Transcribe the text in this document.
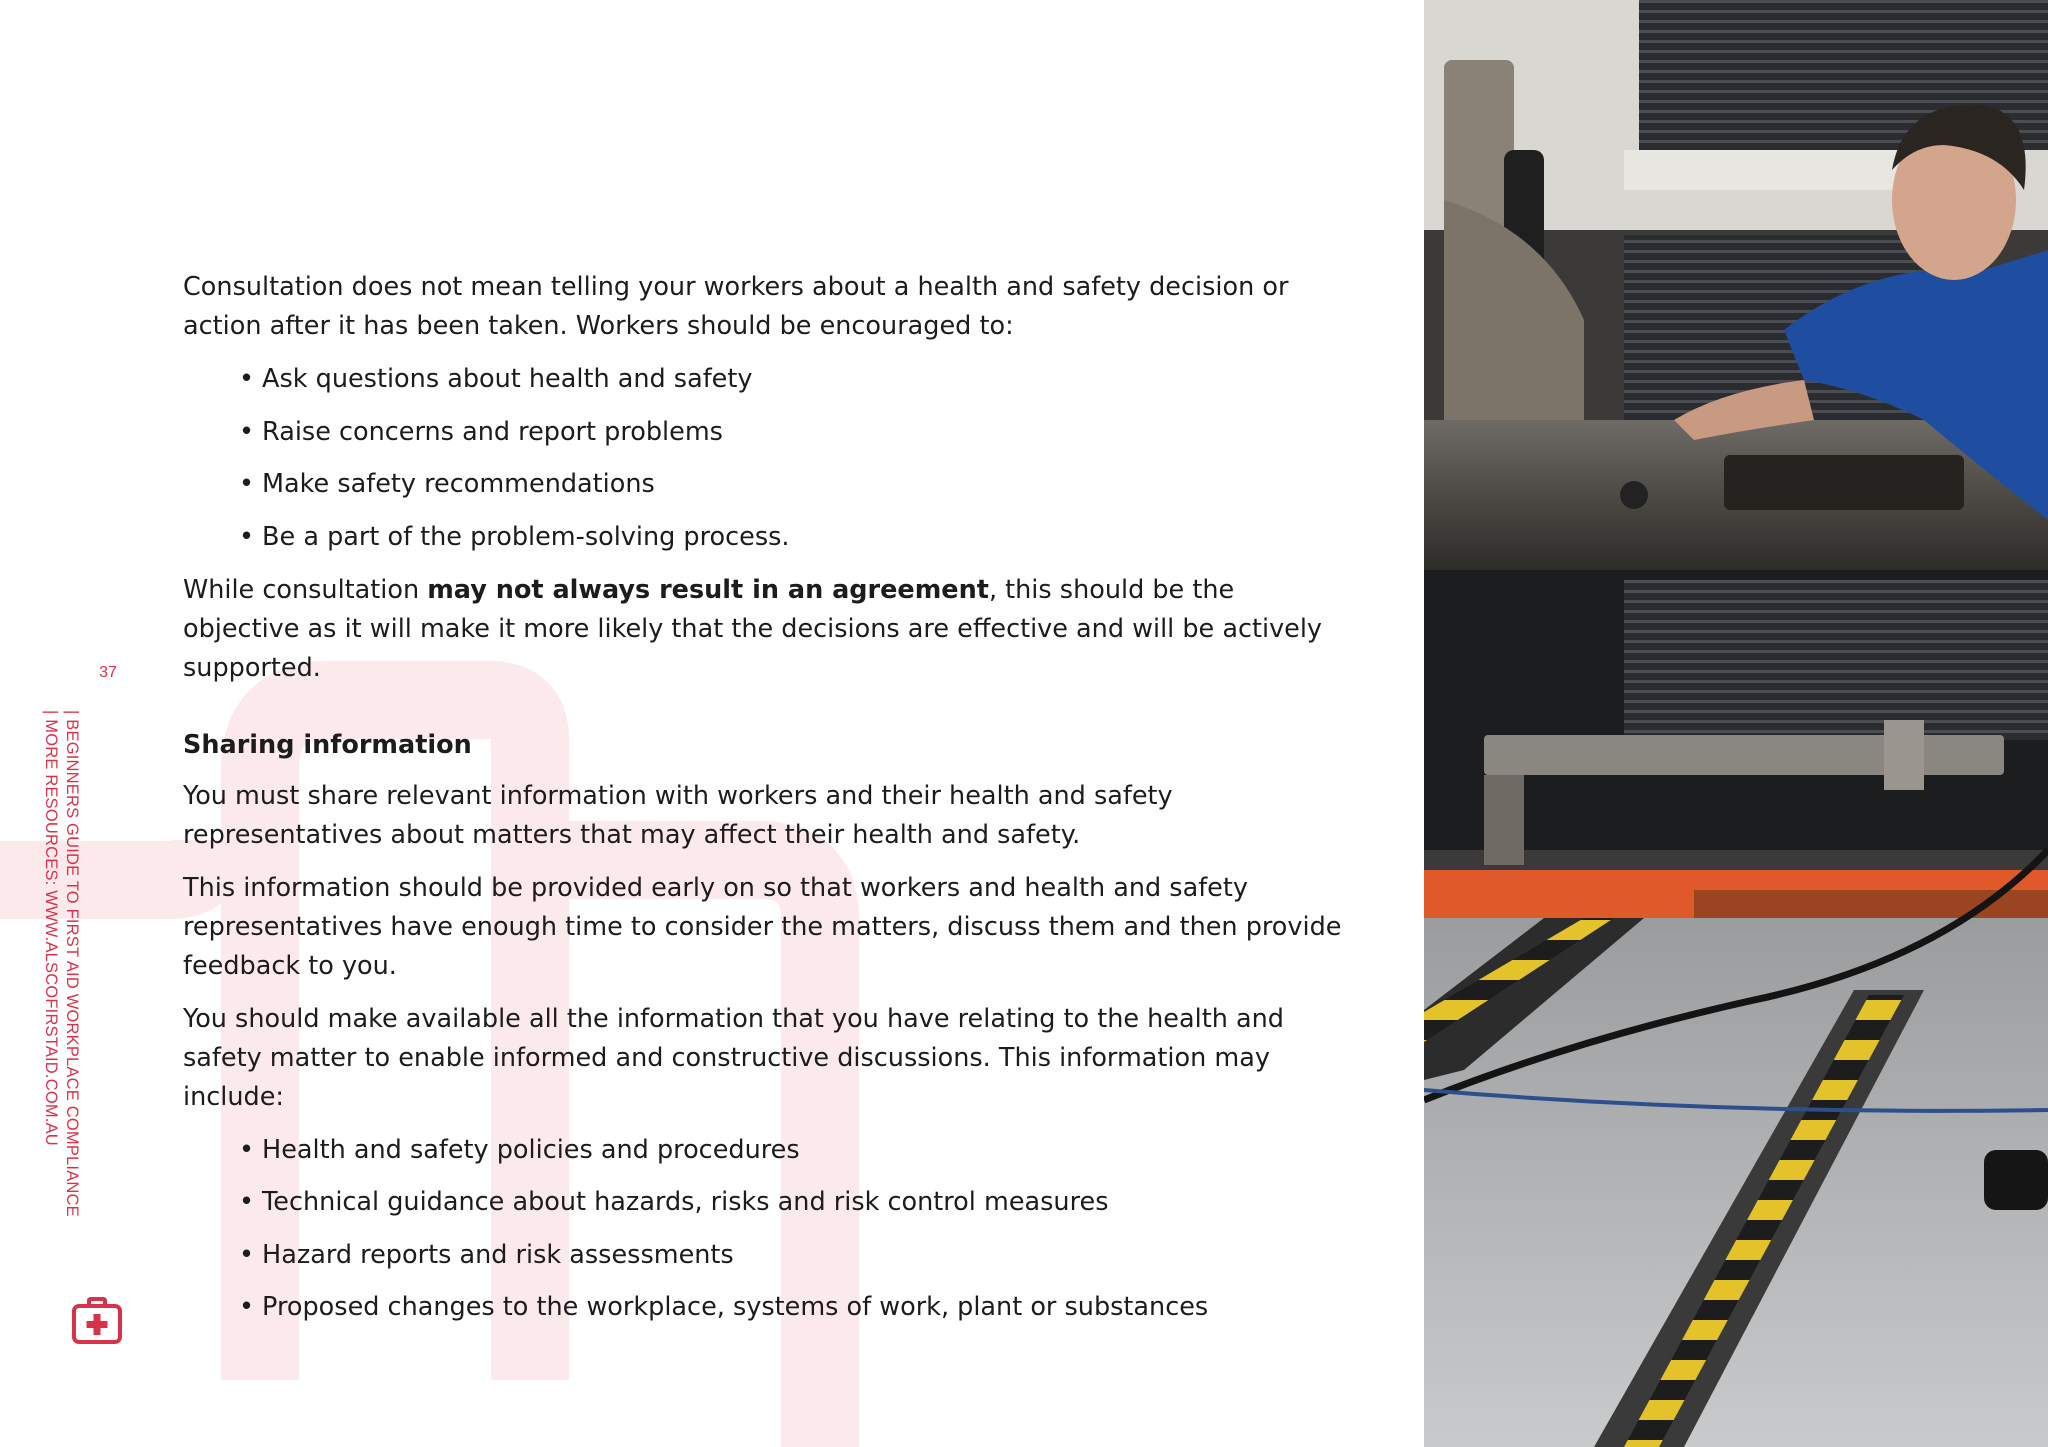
37
| BEGINNERS GUIDE TO FIRST AID WORKPLACE COMPLIANCE
| MORE RESOURCES: WWW.ALSCOFIRSTAID.COM.AU

Consultation does not mean telling your workers about a health and safety decision or action after it has been taken. Workers should be encouraged to:

• Ask questions about health and safety
• Raise concerns and report problems
• Make safety recommendations
• Be a part of the problem-solving process.

While consultation may not always result in an agreement, this should be the objective as it will make it more likely that the decisions are effective and will be actively supported.

Sharing information

You must share relevant information with workers and their health and safety representatives about matters that may affect their health and safety.

This information should be provided early on so that workers and health and safety representatives have enough time to consider the matters, discuss them and then provide feedback to you.

You should make available all the information that you have relating to the health and safety matter to enable informed and constructive discussions. This information may include:

• Health and safety policies and procedures
• Technical guidance about hazards, risks and risk control measures
• Hazard reports and risk assessments
• Proposed changes to the workplace, systems of work, plant or substances
